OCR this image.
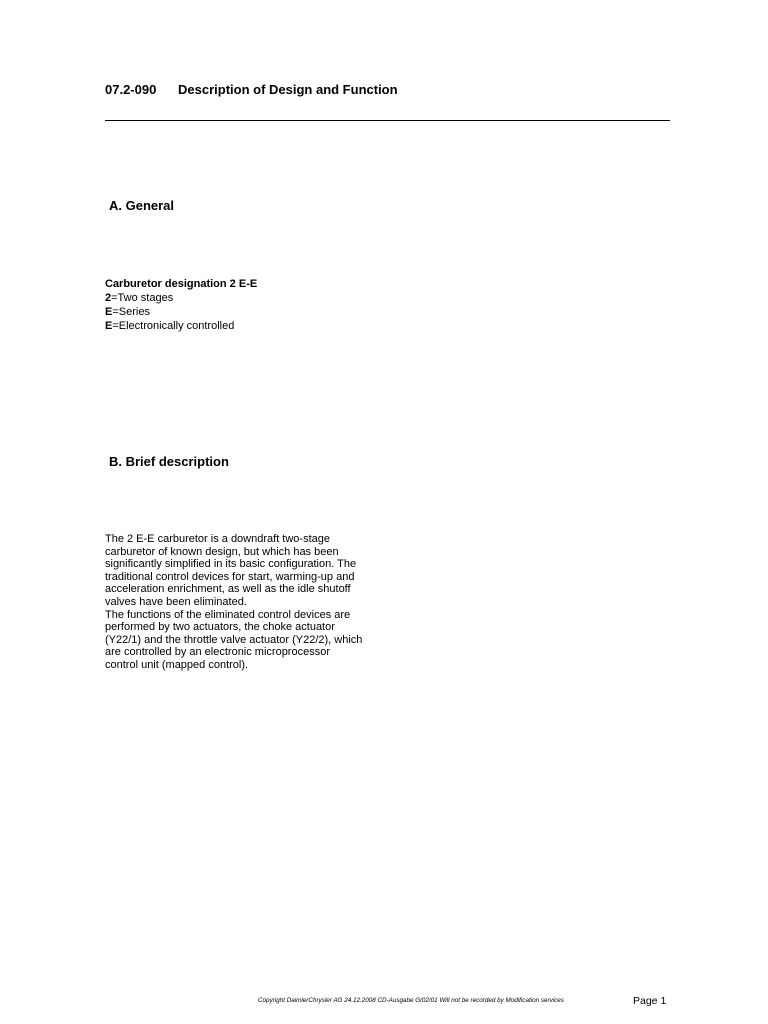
07.2-090 Description of Design and Function
A. General
Carburetor designation 2 E-E
2=Two stages
E=Series
E=Electronically controlled
B. Brief description
The 2 E-E carburetor is a downdraft two-stage
carburetor of known design, but which has been
significantly simplified in its basic configuration. The
traditional control devices for start, warming-up and
acceleration enrichment, as well as the idle shutoff
valves have been eliminated.
The functions of the eliminated control devices are
performed by two actuators, the choke actuator
(Y22/1) and the throttle valve actuator (Y22/2), which
are controlled by an electronic microprocessor
control unit (mapped control).
Copyright DaimlerChrysler AG 24.12.2008 CD-Ausgabe G/02/01 Will not be recorded by Modification services	Page 1
